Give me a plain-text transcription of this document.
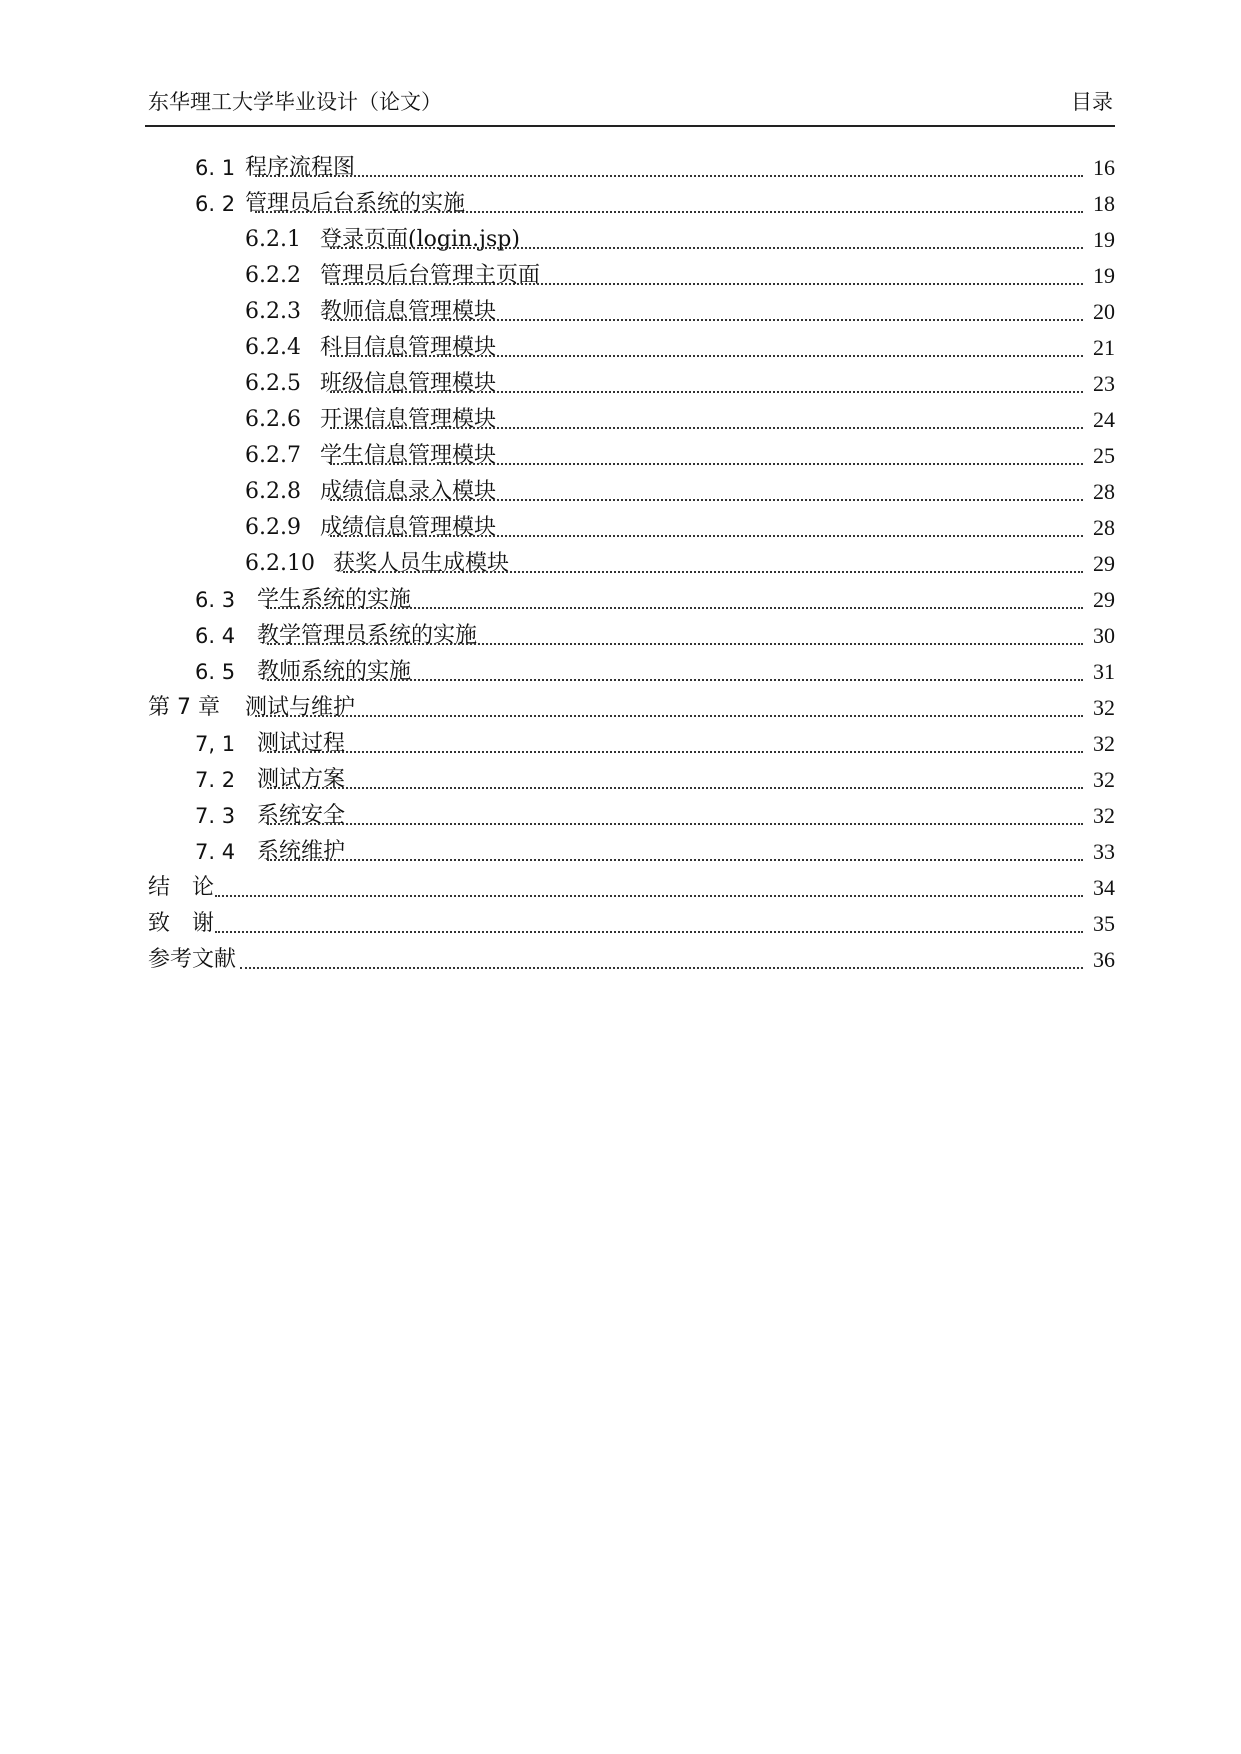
东华理工大学毕业设计（论文）	目录
6. 1 程序流程图	16
6. 2 管理员后台系统的实施	18
6.2.1 登录页面(login.jsp)	19
6.2.2 管理员后台管理主页面	19
6.2.3 教师信息管理模块	20
6.2.4 科目信息管理模块	21
6.2.5 班级信息管理模块	23
6.2.6 开课信息管理模块	24
6.2.7 学生信息管理模块	25
6.2.8 成绩信息录入模块	28
6.2.9 成绩信息管理模块	28
6.2.10 获奖人员生成模块	29
6. 3 学生系统的实施	29
6. 4 教学管理员系统的实施	30
6. 5 教师系统的实施	31
第 7 章 测试与维护	32
7, 1 测试过程	32
7. 2 测试方案	32
7. 3 系统安全	32
7. 4 系统维护	33
结　论	34
致　谢	35
参考文献	36
